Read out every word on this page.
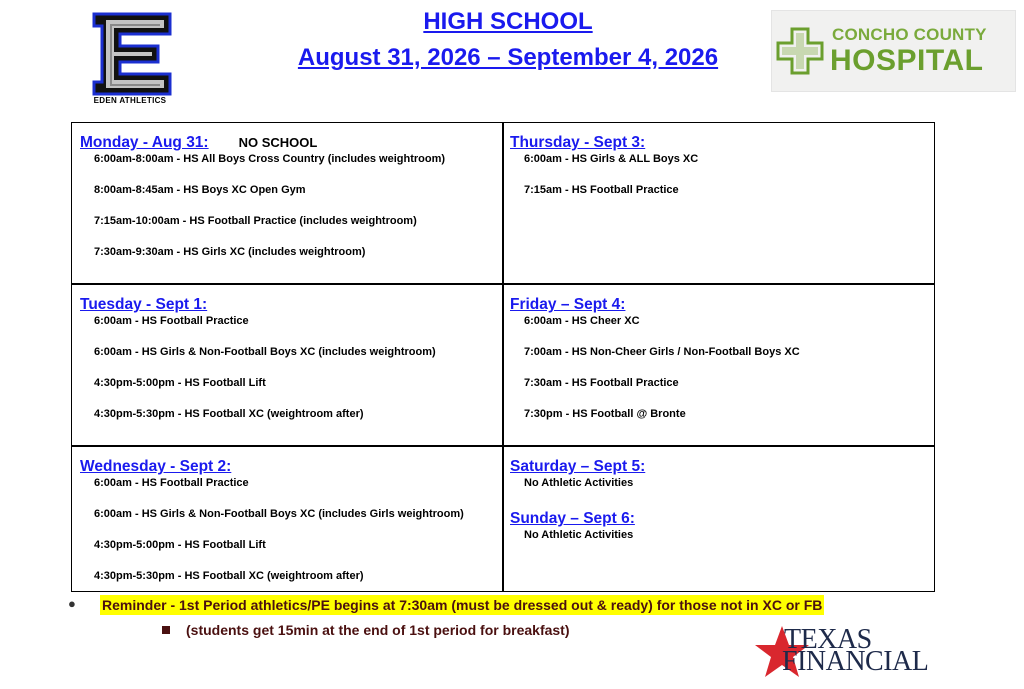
EDEN ATHLETICS
HIGH SCHOOL
August 31, 2026 – September 4, 2026
CONCHO COUNTY
HOSPITAL
Monday - Aug 31: NO SCHOOL
6:00am-8:00am - HS All Boys Cross Country (includes weightroom)
8:00am-8:45am - HS Boys XC Open Gym
7:15am-10:00am - HS Football Practice (includes weightroom)
7:30am-9:30am - HS Girls XC (includes weightroom)
Thursday - Sept 3:
6:00am - HS Girls & ALL Boys XC
7:15am - HS Football Practice
Tuesday - Sept 1:
6:00am - HS Football Practice
6:00am - HS Girls & Non-Football Boys XC (includes weightroom)
4:30pm-5:00pm - HS Football Lift
4:30pm-5:30pm - HS Football XC (weightroom after)
Friday – Sept 4:
6:00am - HS Cheer XC
7:00am - HS Non-Cheer Girls / Non-Football Boys XC
7:30am - HS Football Practice
7:30pm - HS Football @ Bronte
Wednesday - Sept 2:
6:00am - HS Football Practice
6:00am - HS Girls & Non-Football Boys XC (includes Girls weightroom)
4:30pm-5:00pm - HS Football Lift
4:30pm-5:30pm - HS Football XC (weightroom after)
Saturday – Sept 5:
No Athletic Activities
Sunday – Sept 6:
No Athletic Activities
● Reminder - 1st Period athletics/PE begins at 7:30am (must be dressed out & ready) for those not in XC or FB
(students get 15min at the end of 1st period for breakfast)	TEXAS
FINANCIAL
